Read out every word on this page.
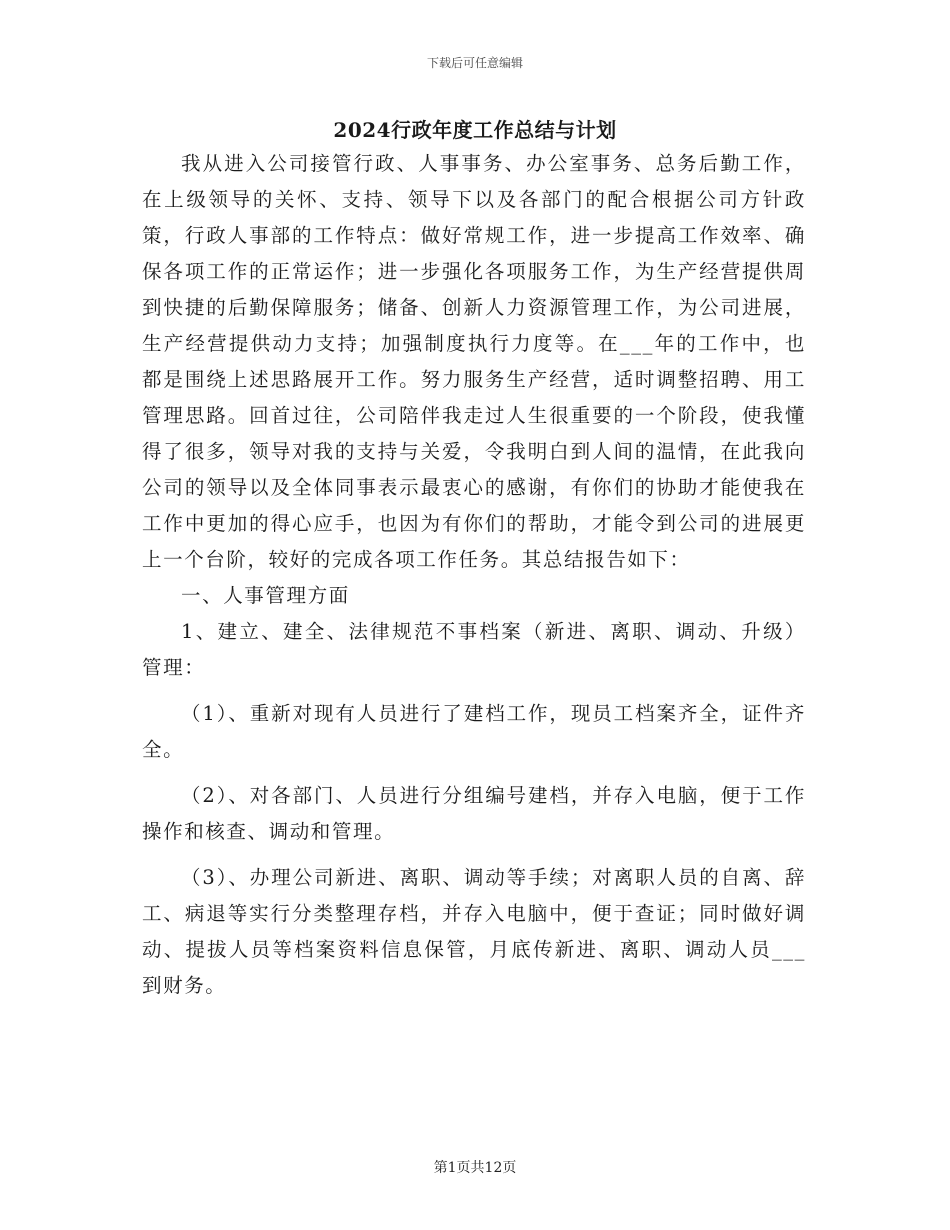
下载后可任意编辑
2024行政年度工作总结与计划

我从进入公司接管行政、人事事务、办公室事务、总务后勤工作，在上级领导的关怀、支持、领导下以及各部门的配合根据公司方针政策，行政人事部的工作特点：做好常规工作，进一步提高工作效率、确保各项工作的正常运作；进一步强化各项服务工作，为生产经营提供周到快捷的后勤保障服务；储备、创新人力资源管理工作，为公司进展，生产经营提供动力支持；加强制度执行力度等。在___年的工作中，也都是围绕上述思路展开工作。努力服务生产经营，适时调整招聘、用工管理思路。回首过往，公司陪伴我走过人生很重要的一个阶段，使我懂得了很多，领导对我的支持与关爱，令我明白到人间的温情，在此我向公司的领导以及全体同事表示最衷心的感谢，有你们的协助才能使我在工作中更加的得心应手，也因为有你们的帮助，才能令到公司的进展更上一个台阶，较好的完成各项工作任务。其总结报告如下：

一、人事管理方面

1、建立、建全、法律规范不事档案（新进、离职、调动、升级）管理：

（1）、重新对现有人员进行了建档工作，现员工档案齐全，证件齐全。

（2）、对各部门、人员进行分组编号建档，并存入电脑，便于工作操作和核查、调动和管理。

（3）、办理公司新进、离职、调动等手续；对离职人员的自离、辞工、病退等实行分类整理存档，并存入电脑中，便于查证；同时做好调动、提拔人员等档案资料信息保管，月底传新进、离职、调动人员___到财务。

第1页共12页
